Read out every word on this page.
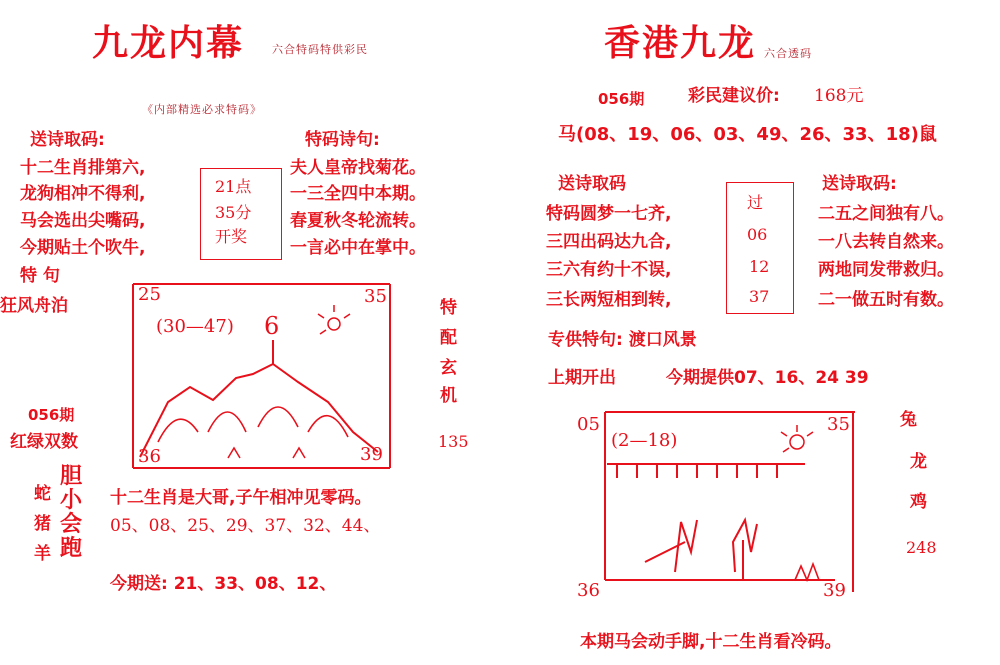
九龙内幕	六合特码特供彩民
《内部精选必求特码》
送诗取码:
十二生肖排第六,
龙狗相冲不得利,
马会选出尖嘴码,
今期贴土个吹牛,
21点
35分
开奖
特码诗句:
夫人皇帝找菊花。
一三全四中本期。
春夏秋冬轮流转。
一言必中在掌中。
特 句
狂风舟泊
056期
红绿双数
25	35
36	39
(30—47) 6
特
配
玄
机
135
蛇
猪
羊
胆
小
会
跑
十二生肖是大哥,子午相冲见零码。
05、08、25、29、37、32、44、
今期送: 21、33、08、12、
香港九龙 六合透码
056期	彩民建议价: 168元
马(08、19、06、03、49、26、33、18)鼠
送诗取码	送诗取码:
特码圆梦一七齐,
三四出码达九合,
三六有约十不误,
三长两短相到转,
过
06
12
37
二五之间独有八。
一八去转自然来。
两地同发带救归。
二一做五时有数。
专供特句: 渡口风景
上期开出	今期提供07、16、24 39
05	35
36	39
(2—18)
兔
龙
鸡
248
本期马会动手脚,十二生肖看冷码。
